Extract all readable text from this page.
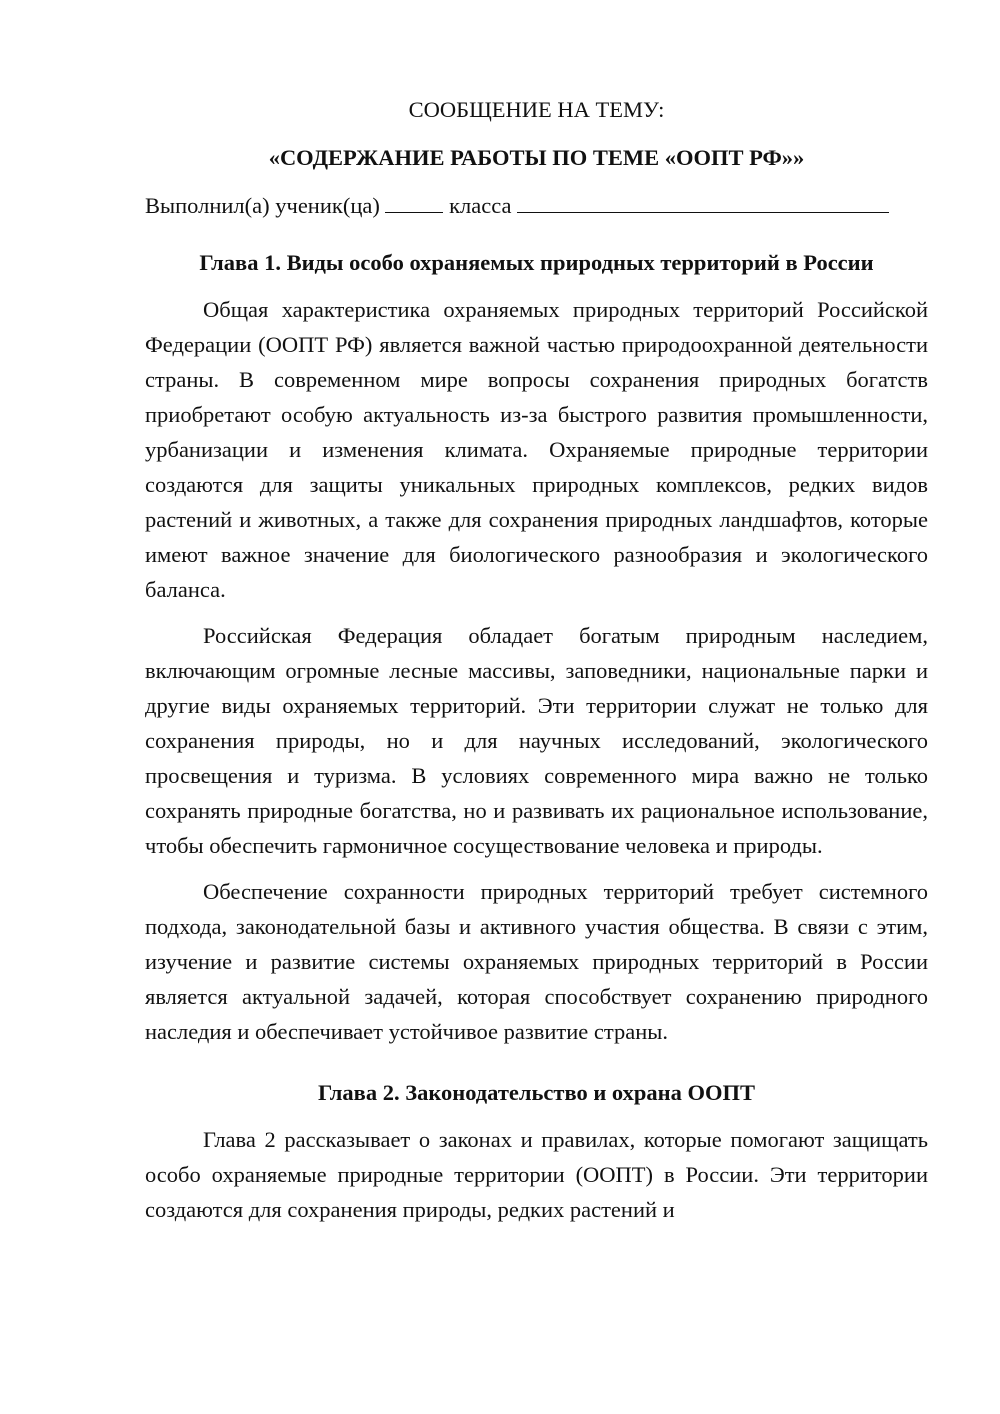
СООБЩЕНИЕ НА ТЕМУ:

«СОДЕРЖАНИЕ РАБОТЫ ПО ТЕМЕ «ООПТ РФ»»

Выполнил(а) ученик(ца)	класса

Глава 1. Виды особо охраняемых природных территорий в России

Общая характеристика охраняемых природных территорий Российской Федерации (ООПТ РФ) является важной частью природоохранной деятельности страны. В современном мире вопросы сохранения природных богатств приобретают особую актуальность из-за быстрого развития промышленности, урбанизации и изменения климата. Охраняемые природные территории создаются для защиты уникальных природных комплексов, редких видов растений и животных, а также для сохранения природных ландшафтов, которые имеют важное значение для биологического разнообразия и экологического баланса.

Российская Федерация обладает богатым природным наследием, включающим огромные лесные массивы, заповедники, национальные парки и другие виды охраняемых территорий. Эти территории служат не только для сохранения природы, но и для научных исследований, экологического просвещения и туризма. В условиях современного мира важно не только сохранять природные богатства, но и развивать их рациональное использование, чтобы обеспечить гармоничное сосуществование человека и природы.

Обеспечение сохранности природных территорий требует системного подхода, законодательной базы и активного участия общества. В связи с этим, изучение и развитие системы охраняемых природных территорий в России является актуальной задачей, которая способствует сохранению природного наследия и обеспечивает устойчивое развитие страны.

Глава 2. Законодательство и охрана ООПТ

Глава 2 рассказывает о законах и правилах, которые помогают защищать особо охраняемые природные территории (ООПТ) в России. Эти территории создаются для сохранения природы, редких растений и
